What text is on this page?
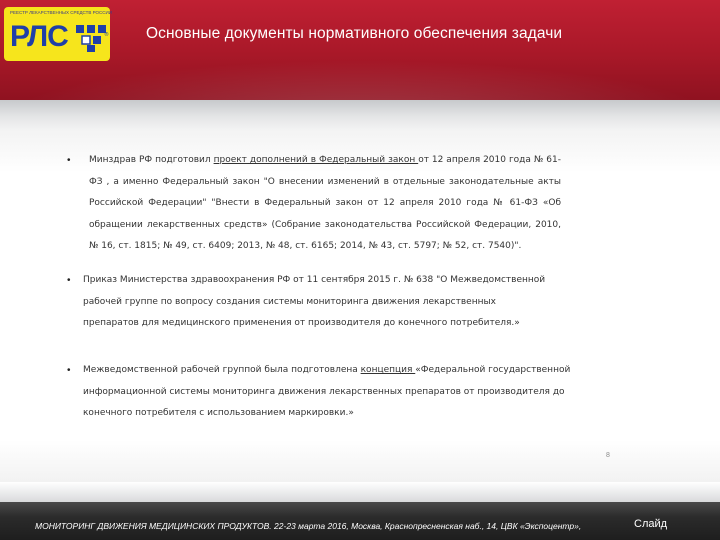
РЕЕСТР ЛЕКАРСТВЕННЫХ СРЕДСТВ РОССИИ
РЛС	® Основные документы нормативного обеспечения задачи
• Минздрав РФ подготовил проект дополнений в Федеральный закон от 12 апреля 2010 года № 61-ФЗ , а именно Федеральный закон "О внесении изменений в отдельные законодательные акты Российской Федерации" "Внести в Федеральный закон от 12 апреля 2010 года № 61-ФЗ «Об обращении лекарственных средств» (Собрание законодательства Российской Федерации, 2010, № 16, ст. 1815; № 49, ст. 6409; 2013, № 48, ст. 6165; 2014, № 43, ст. 5797; № 52, ст. 7540)".
• Приказ Министерства здравоохранения РФ от 11 сентября 2015 г. № 638 "О Межведомственной рабочей группе по вопросу создания системы мониторинга движения лекарственных препаратов для медицинского применения от производителя до конечного потребителя.»
• Межведомственной рабочей группой была подготовлена концепция «Федеральной государственной информационной системы мониторинга движения лекарственных препаратов от производителя до конечного потребителя с использованием маркировки.»
8
МОНИТОРИНГ ДВИЖЕНИЯ МЕДИЦИНСКИХ ПРОДУКТОВ. 22-23 марта 2016, Москва, Краснопресненская наб., 14, ЦВК «Экспоцентр»,	Слайд
